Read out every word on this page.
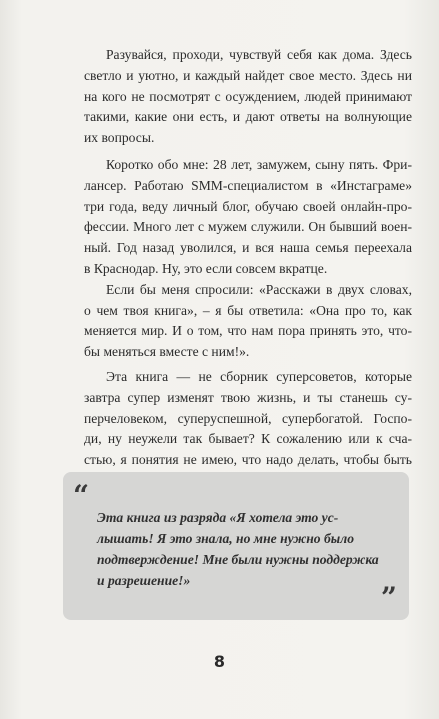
Разувайся, проходи, чувствуй себя как дома. Здесь
светло и уютно, и каждый найдет свое место. Здесь ни
на кого не посмотрят с осуждением, людей принимают
такими, какие они есть, и дают ответы на волнующие
их вопросы.

Коротко обо мне: 28 лет, замужем, сыну пять. Фри-
лансер. Работаю SMM-специалистом в «Инстаграме»
три года, веду личный блог, обучаю своей онлайн-про-
фессии. Много лет с мужем служили. Он бывший воен-
ный. Год назад уволился, и вся наша семья переехала
в Краснодар. Ну, это если совсем вкратце.

Если бы меня спросили: «Расскажи в двух словах,
о чем твоя книга», – я бы ответила: «Она про то, как
меняется мир. И о том, что нам пора принять это, что-
бы меняться вместе с ним!».

Эта книга — не сборник суперсоветов, которые
завтра супер изменят твою жизнь, и ты станешь су-
перчеловеком, суперуспешной, супербогатой. Госпо-
ди, ну неужели так бывает? К сожалению или к сча-
стью, я понятия не имею, что надо делать, чтобы быть

“
Эта книга из разряда «Я хотела это ус-
лышать! Я это знала, но мне нужно было
подтверждение! Мне были нужны поддержка
и разрешение!»
”
8
